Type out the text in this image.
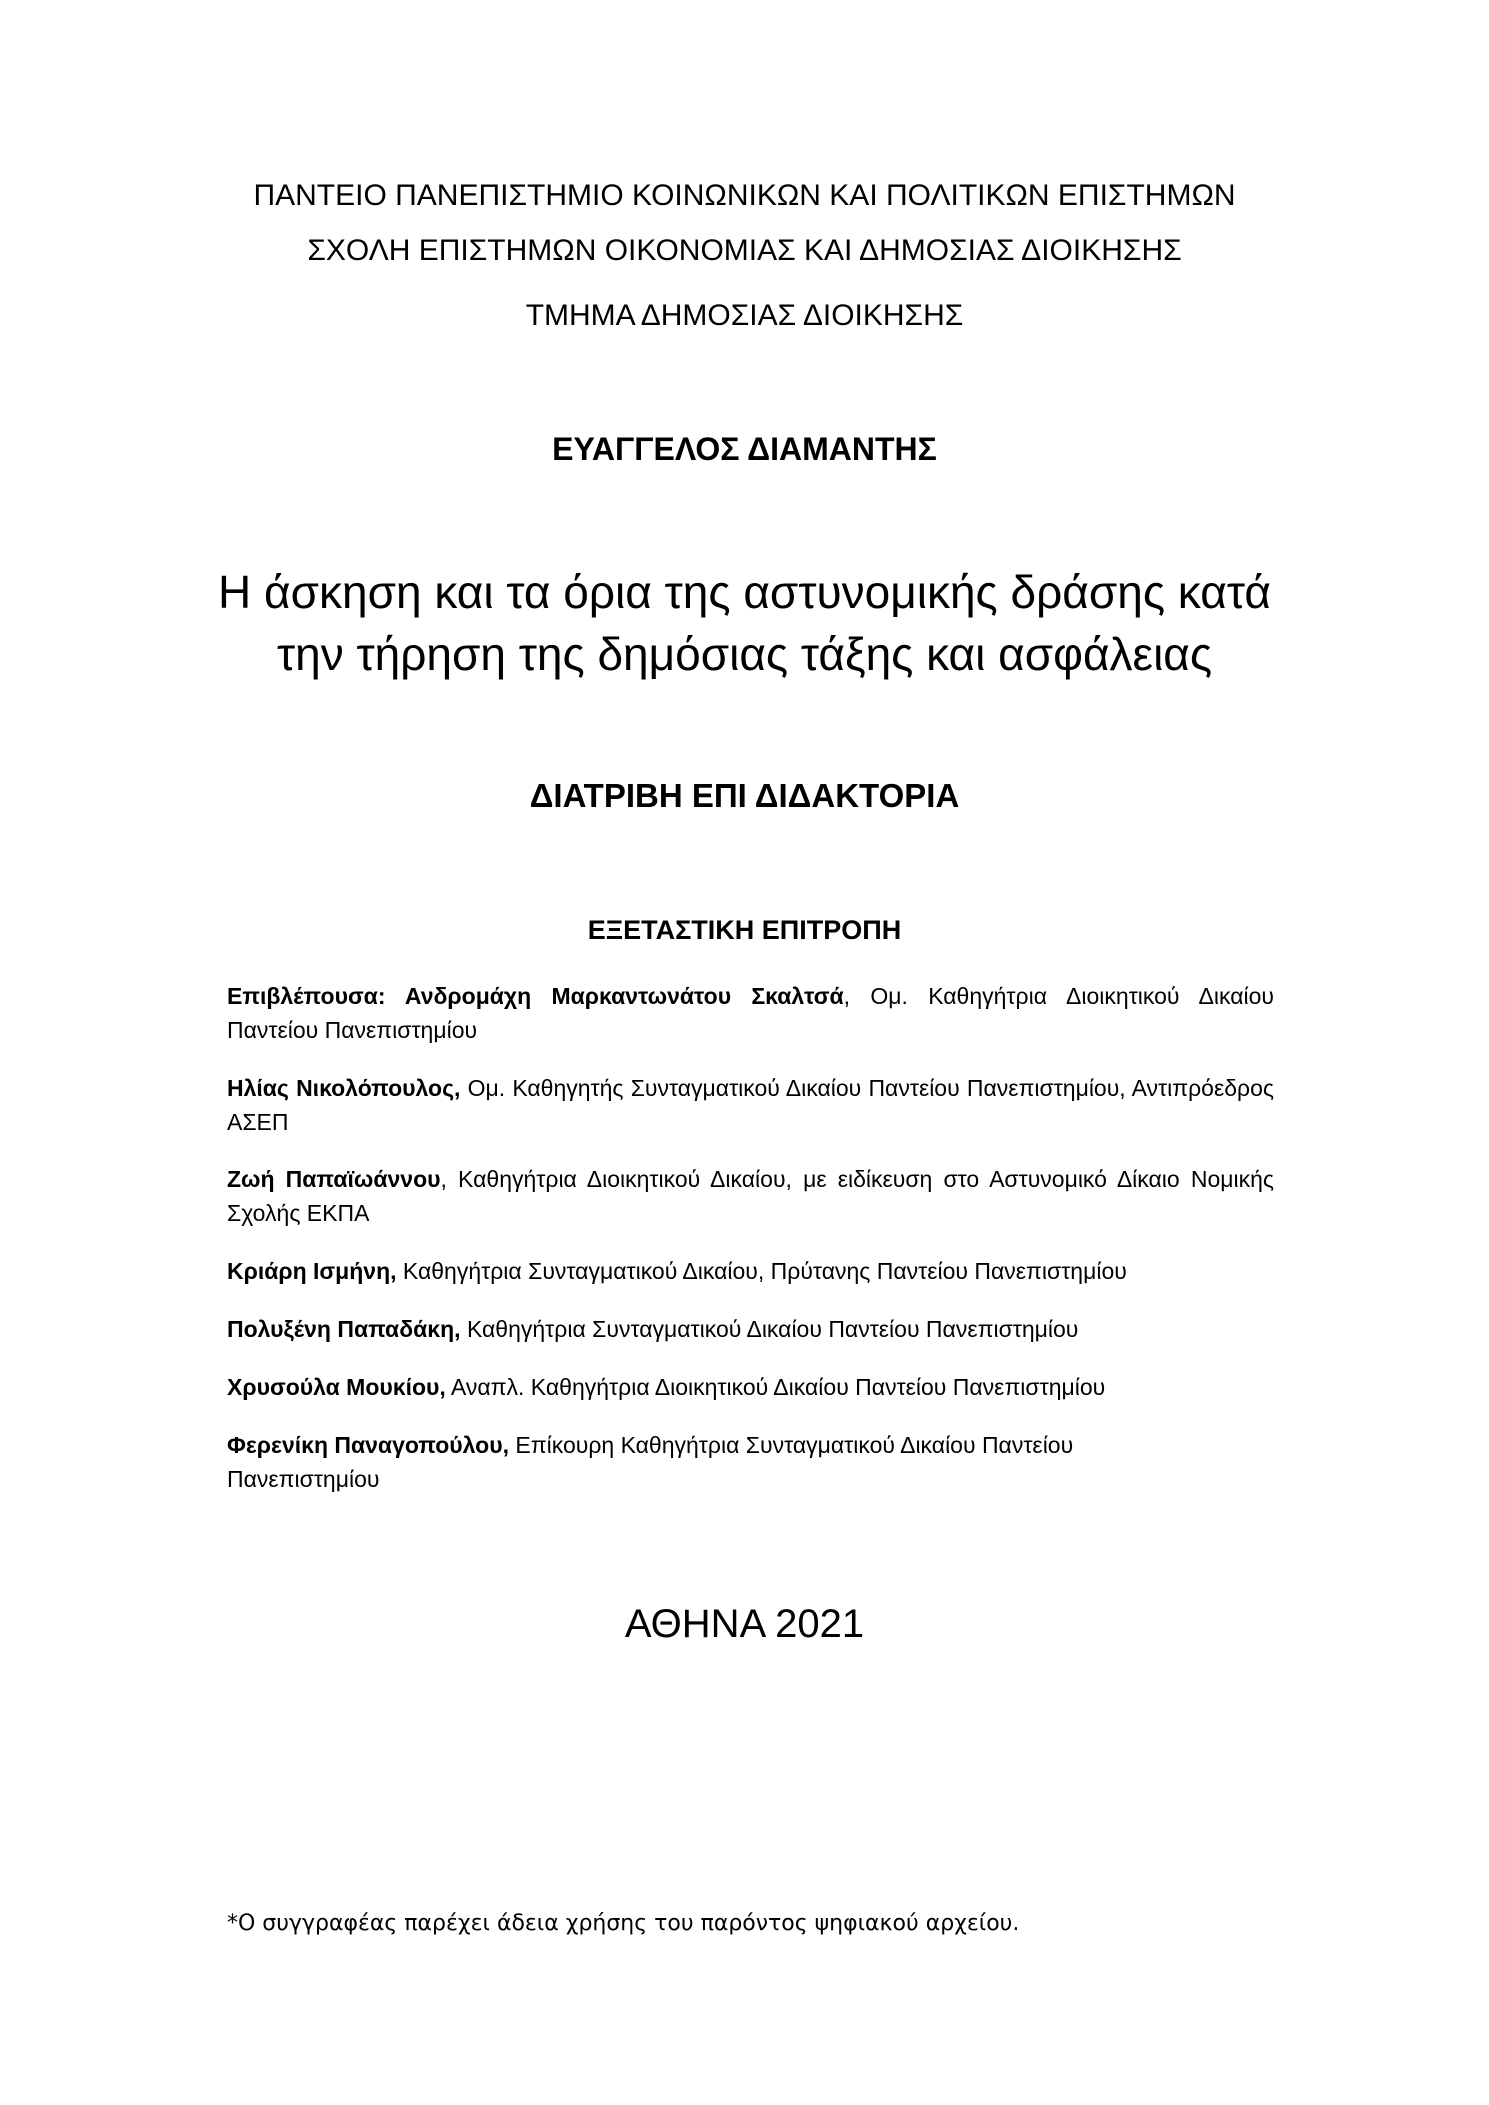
ΠΑΝΤΕΙΟ ΠΑΝΕΠΙΣΤΗΜΙΟ ΚΟΙΝΩΝΙΚΩΝ ΚΑΙ ΠΟΛΙΤΙΚΩΝ ΕΠΙΣΤΗΜΩΝ
ΣΧΟΛΗ ΕΠΙΣΤΗΜΩΝ ΟΙΚΟΝΟΜΙΑΣ ΚΑΙ ΔΗΜΟΣΙΑΣ ΔΙΟΙΚΗΣΗΣ
ΤΜΗΜΑ ΔΗΜΟΣΙΑΣ ΔΙΟΙΚΗΣΗΣ
ΕΥΑΓΓΕΛΟΣ ΔΙΑΜΑΝΤΗΣ
Η άσκηση και τα όρια της αστυνομικής δράσης κατά
την τήρηση της δημόσιας τάξης και ασφάλειας
ΔΙΑΤΡΙΒΗ ΕΠΙ ΔΙΔΑΚΤΟΡΙΑ
ΕΞΕΤΑΣΤΙΚΗ ΕΠΙΤΡΟΠΗ
Επιβλέπουσα: Ανδρομάχη Μαρκαντωνάτου Σκαλτσά, Ομ. Καθηγήτρια Διοικητικού Δικαίου Παντείου Πανεπιστημίου
Ηλίας Νικολόπουλος, Ομ. Καθηγητής Συνταγματικού Δικαίου Παντείου Πανεπιστημίου, Αντιπρόεδρος ΑΣΕΠ
Ζωή Παπαϊωάννου, Καθηγήτρια Διοικητικού Δικαίου, με ειδίκευση στο Αστυνομικό Δίκαιο Νομικής Σχολής ΕΚΠΑ
Κριάρη Ισμήνη, Καθηγήτρια Συνταγματικού Δικαίου, Πρύτανης Παντείου Πανεπιστημίου
Πολυξένη Παπαδάκη, Καθηγήτρια Συνταγματικού Δικαίου Παντείου Πανεπιστημίου
Χρυσούλα Μουκίου, Αναπλ. Καθηγήτρια Διοικητικού Δικαίου Παντείου Πανεπιστημίου
Φερενίκη Παναγοπούλου, Επίκουρη Καθηγήτρια Συνταγματικού Δικαίου Παντείου Πανεπιστημίου
ΑΘΗΝΑ 2021
*Ο συγγραφέας παρέχει άδεια χρήσης του παρόντος ψηφιακού αρχείου.
